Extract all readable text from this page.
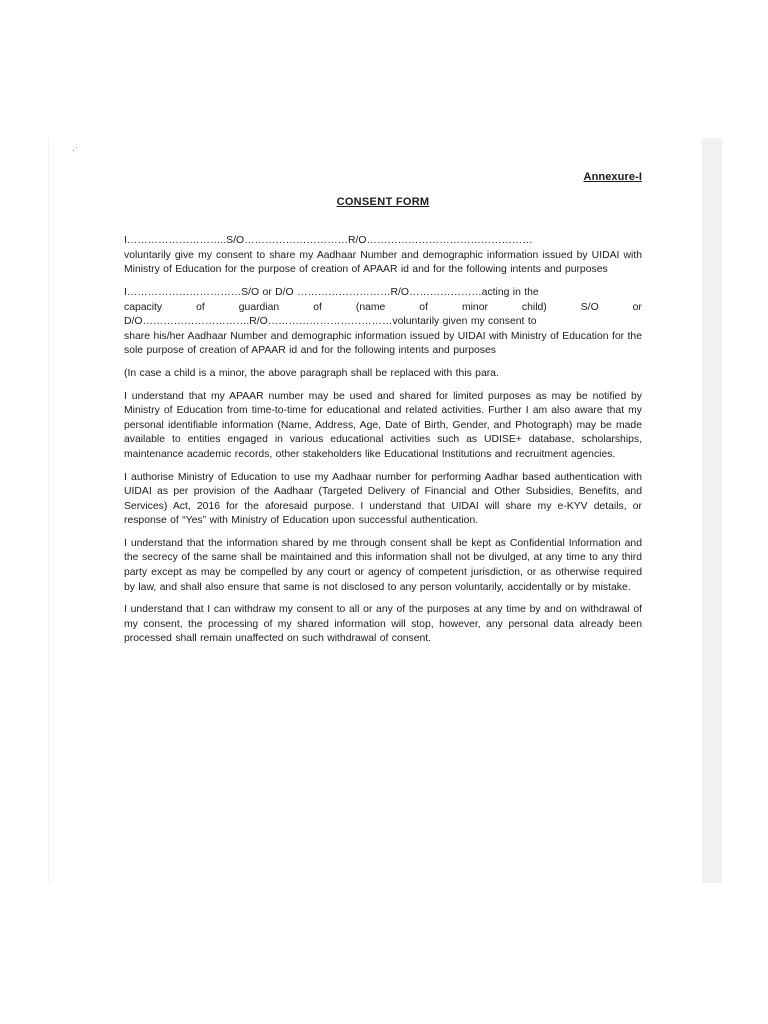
.·
Annexure-I
CONSENT FORM
I………………………..S/O…………………………R/O…………………………………………
voluntarily give my consent to share my Aadhaar Number and demographic information issued by UIDAI with Ministry of Education for the purpose of creation of APAAR id and for the following intents and purposes
I……………………………S/O or D/O ………………………R/O…………………acting in the
capacity	of	guardian	of	(name	of	minor	child)	S/O	or
D/O………………………….R/O………………………………voluntarily given my consent to
share his/her Aadhaar Number and demographic information issued by UIDAI with Ministry of Education for the sole purpose of creation of APAAR id and for the following intents and purposes
(In case a child is a minor, the above paragraph shall be replaced with this para.
I understand that my APAAR number may be used and shared for limited purposes as may be notified by Ministry of Education from time-to-time for educational and related activities. Further I am also aware that my personal identifiable information (Name, Address, Age, Date of Birth, Gender, and Photograph) may be made available to entities engaged in various educational activities such as UDISE+ database, scholarships, maintenance academic records, other stakeholders like Educational Institutions and recruitment agencies.
I authorise Ministry of Education to use my Aadhaar number for performing Aadhar based authentication with UIDAI as per provision of the Aadhaar (Targeted Delivery of Financial and Other Subsidies, Benefits, and Services) Act, 2016 for the aforesaid purpose. I understand that UIDAI will share my e-KYV details, or response of “Yes” with Ministry of Education upon successful authentication.
I understand that the information shared by me through consent shall be kept as Confidential Information and the secrecy of the same shall be maintained and this information shall not be divulged, at any time to any third party except as may be compelled by any court or agency of competent jurisdiction, or as otherwise required by law, and shall also ensure that same is not disclosed to any person voluntarily, accidentally or by mistake.
I understand that I can withdraw my consent to all or any of the purposes at any time by and on withdrawal of my consent, the processing of my shared information will stop, however, any personal data already been processed shall remain unaffected on such withdrawal of consent.
